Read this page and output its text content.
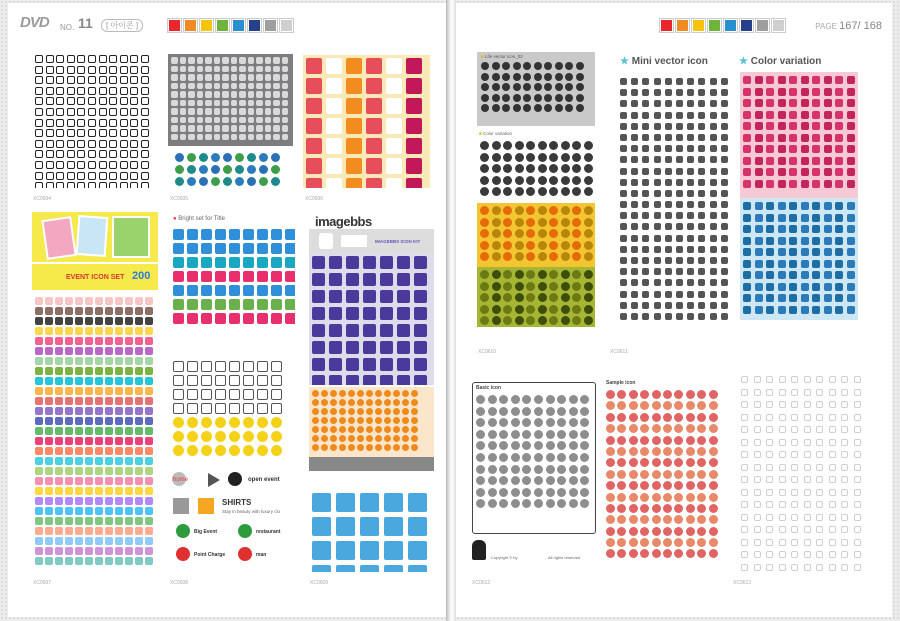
DVD NO. 11	[ 아이콘 ]	PAGE 167/ 168
XC0604	XC0605	XC0606
EVENT ICON SET 200
XC0607
● Bright set for Title
home	open event
SHIRTS
Stay in beauty with luxury clo
Big Event	restaurant
Point Charge	man
XC0608
imagebbs
IMAGEBBS ICON KIT
XC0609
■ Life vector icon_02
■ Color variation
XC0610
★ Mini vector icon	★ Color variation
XC0611
Basic icon
Copyright © by	All rights reserved
XC0612
Sample icon
XC0613
